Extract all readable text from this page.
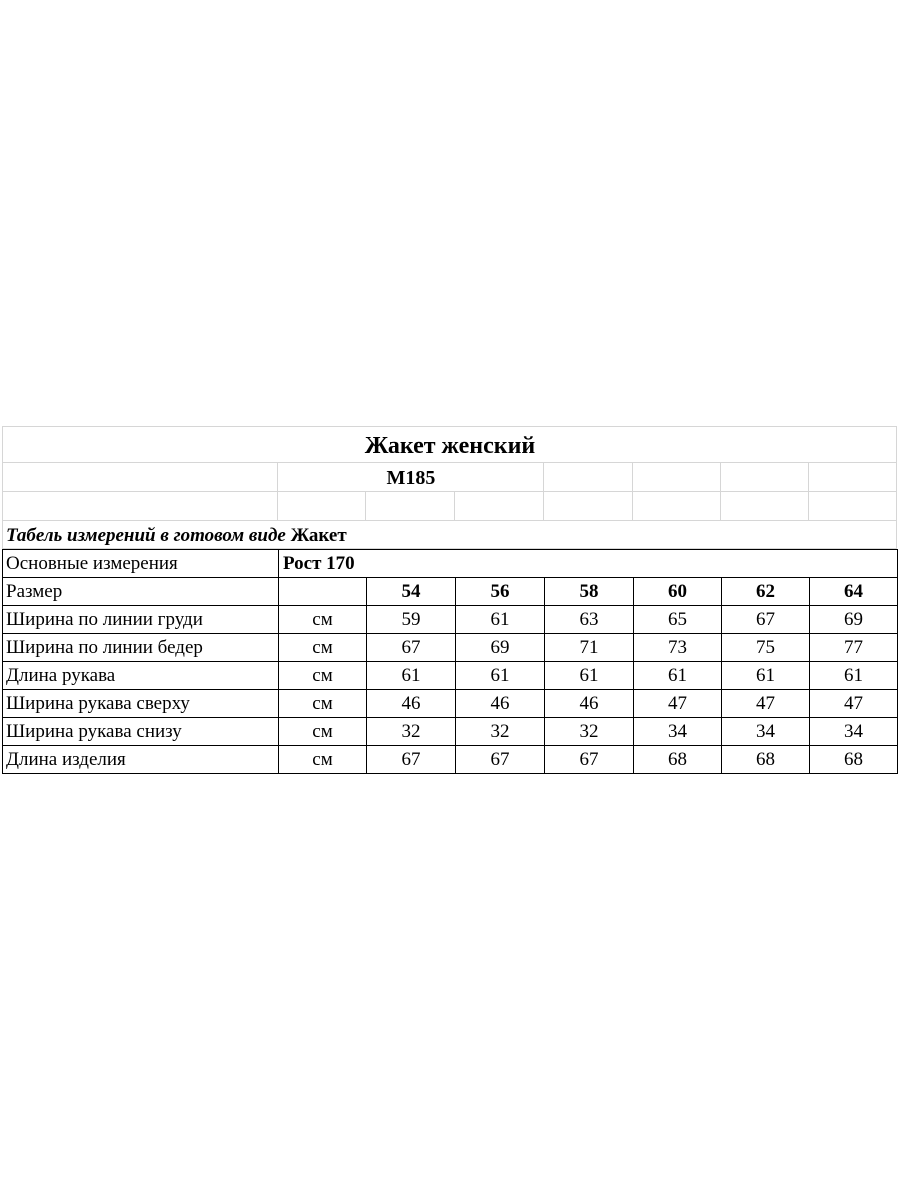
Жакет женский
М185
Табель измерений в готовом виде Жакет
Основные измерения	Рост 170						
Размер		54	56	58	60	62	64
Ширина по линии груди	см	59	61	63	65	67	69
Ширина по линии бедер	см	67	69	71	73	75	77
Длина рукава	см	61	61	61	61	61	61
Ширина рукава сверху	см	46	46	46	47	47	47
Ширина рукава снизу	см	32	32	32	34	34	34
Длина изделия	см	67	67	67	68	68	68
